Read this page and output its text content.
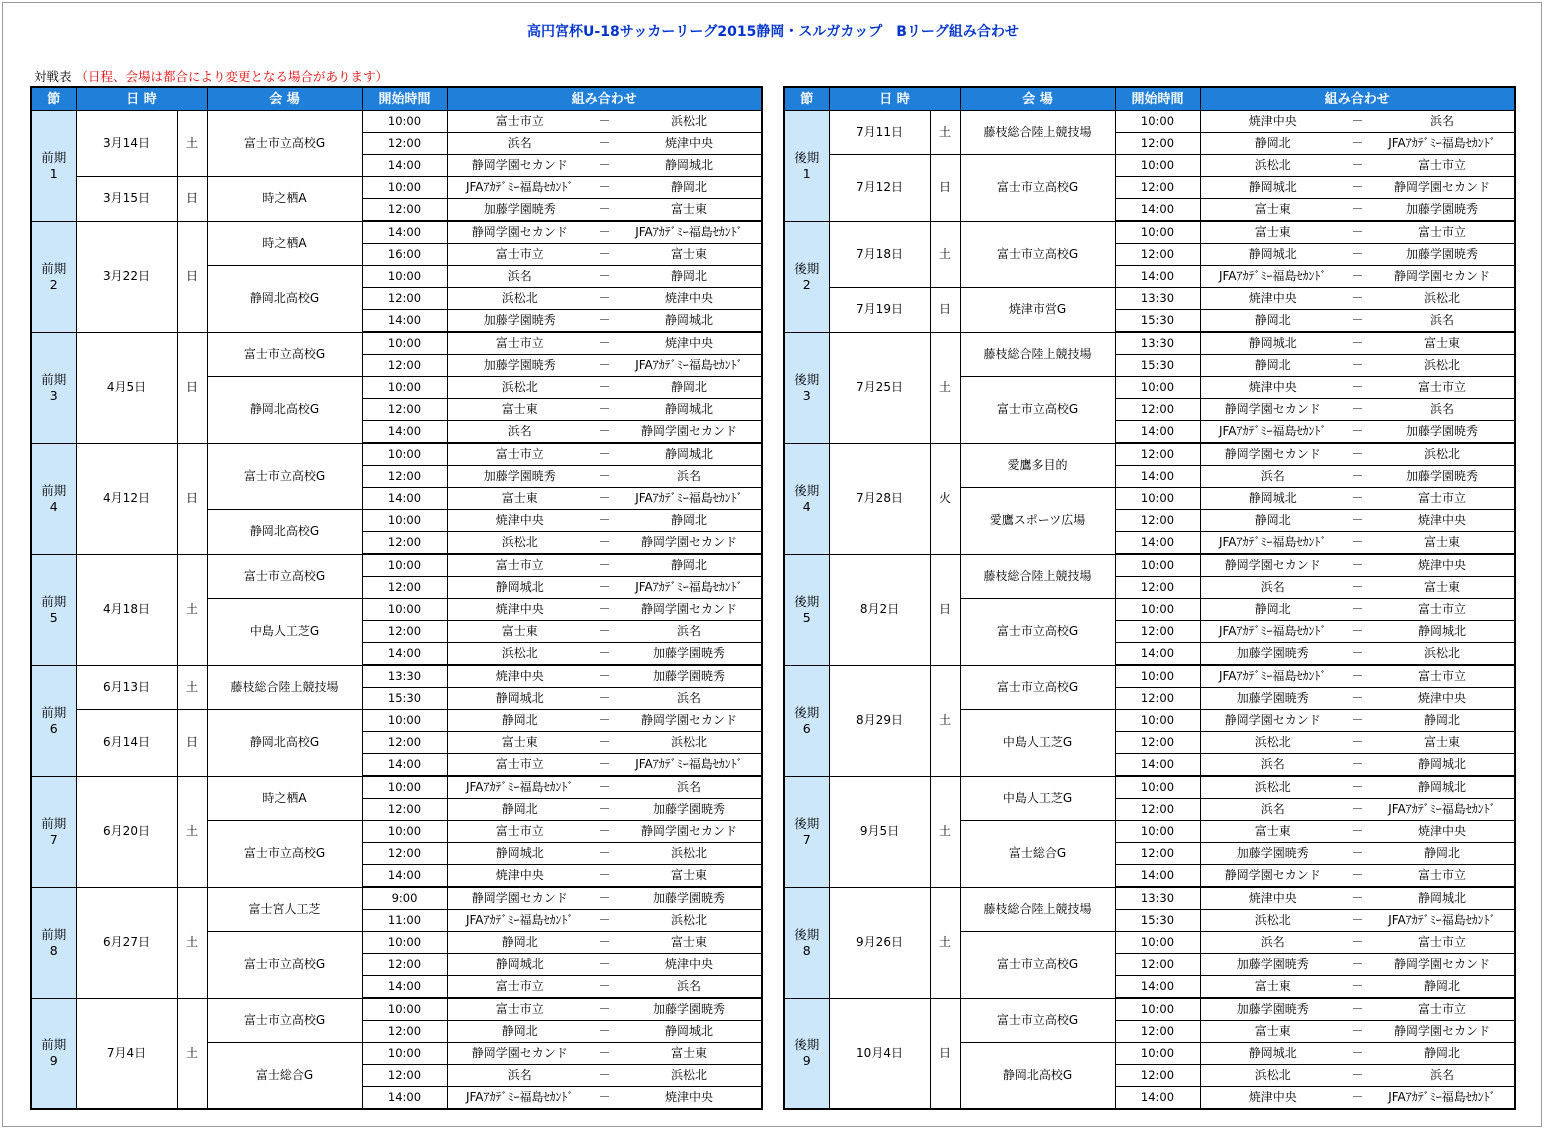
高円宮杯U-18サッカーリーグ2015静岡・スルガカップ　Bリーグ組み合わせ
対戦表 （日程、会場は都合により変更となる場合があります）
節	日 時		会 場	開始時間	組み合わせ		
前期
1	3月14日	土	富士市立高校G	10:00	富士市立	－	浜松北
				12:00	浜名	－	焼津中央
				14:00	静岡学園セカンド	－	静岡城北
	3月15日	日	時之栖A	10:00	JFAｱｶﾃﾞﾐｰ福島ｾｶﾝﾄﾞ	－	静岡北
				12:00	加藤学園暁秀	－	富士東
前期
2	3月22日	日	時之栖A	14:00	静岡学園セカンド	－	JFAｱｶﾃﾞﾐｰ福島ｾｶﾝﾄﾞ
				16:00	富士市立	－	富士東
			静岡北高校G	10:00	浜名	－	静岡北
				12:00	浜松北	－	焼津中央
				14:00	加藤学園暁秀	－	静岡城北
前期
3	4月5日	日	富士市立高校G	10:00	富士市立	－	焼津中央
				12:00	加藤学園暁秀	－	JFAｱｶﾃﾞﾐｰ福島ｾｶﾝﾄﾞ
			静岡北高校G	10:00	浜松北	－	静岡北
				12:00	富士東	－	静岡城北
				14:00	浜名	－	静岡学園セカンド
前期
4	4月12日	日	富士市立高校G	10:00	富士市立	－	静岡城北
				12:00	加藤学園暁秀	－	浜名
				14:00	富士東	－	JFAｱｶﾃﾞﾐｰ福島ｾｶﾝﾄﾞ
			静岡北高校G	10:00	焼津中央	－	静岡北
				12:00	浜松北	－	静岡学園セカンド
前期
5	4月18日	土	富士市立高校G	10:00	富士市立	－	静岡北
				12:00	静岡城北	－	JFAｱｶﾃﾞﾐｰ福島ｾｶﾝﾄﾞ
			中島人工芝G	10:00	焼津中央	－	静岡学園セカンド
				12:00	富士東	－	浜名
				14:00	浜松北	－	加藤学園暁秀
前期
6	6月13日	土	藤枝総合陸上競技場	13:30	焼津中央	－	加藤学園暁秀
				15:30	静岡城北	－	浜名
	6月14日	日	静岡北高校G	10:00	静岡北	－	静岡学園セカンド
				12:00	富士東	－	浜松北
				14:00	富士市立	－	JFAｱｶﾃﾞﾐｰ福島ｾｶﾝﾄﾞ
前期
7	6月20日	土	時之栖A	10:00	JFAｱｶﾃﾞﾐｰ福島ｾｶﾝﾄﾞ	－	浜名
				12:00	静岡北	－	加藤学園暁秀
			富士市立高校G	10:00	富士市立	－	静岡学園セカンド
				12:00	静岡城北	－	浜松北
				14:00	焼津中央	－	富士東
前期
8	6月27日	土	富士宮人工芝	9:00	静岡学園セカンド	－	加藤学園暁秀
				11:00	JFAｱｶﾃﾞﾐｰ福島ｾｶﾝﾄﾞ	－	浜松北
			富士市立高校G	10:00	静岡北	－	富士東
				12:00	静岡城北	－	焼津中央
				14:00	富士市立	－	浜名
前期
9	7月4日	土	富士市立高校G	10:00	富士市立	－	加藤学園暁秀
				12:00	静岡北	－	静岡城北
			富士総合G	10:00	静岡学園セカンド	－	富士東
				12:00	浜名	－	浜松北
				14:00	JFAｱｶﾃﾞﾐｰ福島ｾｶﾝﾄﾞ	－	焼津中央
節	日 時		会 場	開始時間	組み合わせ		
後期
1	7月11日	土	藤枝総合陸上競技場	10:00	焼津中央	－	浜名
				12:00	静岡北	－	JFAｱｶﾃﾞﾐｰ福島ｾｶﾝﾄﾞ
	7月12日	日	富士市立高校G	10:00	浜松北	－	富士市立
				12:00	静岡城北	－	静岡学園セカンド
				14:00	富士東	－	加藤学園暁秀
後期
2	7月18日	土	富士市立高校G	10:00	富士東	－	富士市立
				12:00	静岡城北	－	加藤学園暁秀
				14:00	JFAｱｶﾃﾞﾐｰ福島ｾｶﾝﾄﾞ	－	静岡学園セカンド
	7月19日	日	焼津市営G	13:30	焼津中央	－	浜松北
				15:30	静岡北	－	浜名
後期
3	7月25日	土	藤枝総合陸上競技場	13:30	静岡城北	－	富士東
				15:30	静岡北	－	浜松北
			富士市立高校G	10:00	焼津中央	－	富士市立
				12:00	静岡学園セカンド	－	浜名
				14:00	JFAｱｶﾃﾞﾐｰ福島ｾｶﾝﾄﾞ	－	加藤学園暁秀
後期
4	7月28日	火	愛鷹多目的	12:00	静岡学園セカンド	－	浜松北
				14:00	浜名	－	加藤学園暁秀
			愛鷹スポーツ広場	10:00	静岡城北	－	富士市立
				12:00	静岡北	－	焼津中央
				14:00	JFAｱｶﾃﾞﾐｰ福島ｾｶﾝﾄﾞ	－	富士東
後期
5	8月2日	日	藤枝総合陸上競技場	10:00	静岡学園セカンド	－	焼津中央
				12:00	浜名	－	富士東
			富士市立高校G	10:00	静岡北	－	富士市立
				12:00	JFAｱｶﾃﾞﾐｰ福島ｾｶﾝﾄﾞ	－	静岡城北
				14:00	加藤学園暁秀	－	浜松北
後期
6	8月29日	土	富士市立高校G	10:00	JFAｱｶﾃﾞﾐｰ福島ｾｶﾝﾄﾞ	－	富士市立
				12:00	加藤学園暁秀	－	焼津中央
			中島人工芝G	10:00	静岡学園セカンド	－	静岡北
				12:00	浜松北	－	富士東
				14:00	浜名	－	静岡城北
後期
7	9月5日	土	中島人工芝G	10:00	浜松北	－	静岡城北
				12:00	浜名	－	JFAｱｶﾃﾞﾐｰ福島ｾｶﾝﾄﾞ
			富士総合G	10:00	富士東	－	焼津中央
				12:00	加藤学園暁秀	－	静岡北
				14:00	静岡学園セカンド	－	富士市立
後期
8	9月26日	土	藤枝総合陸上競技場	13:30	焼津中央	－	静岡城北
				15:30	浜松北	－	JFAｱｶﾃﾞﾐｰ福島ｾｶﾝﾄﾞ
			富士市立高校G	10:00	浜名	－	富士市立
				12:00	加藤学園暁秀	－	静岡学園セカンド
				14:00	富士東	－	静岡北
後期
9	10月4日	日	富士市立高校G	10:00	加藤学園暁秀	－	富士市立
				12:00	富士東	－	静岡学園セカンド
			静岡北高校G	10:00	静岡城北	－	静岡北
				12:00	浜松北	－	浜名
				14:00	焼津中央	－	JFAｱｶﾃﾞﾐｰ福島ｾｶﾝﾄﾞ
